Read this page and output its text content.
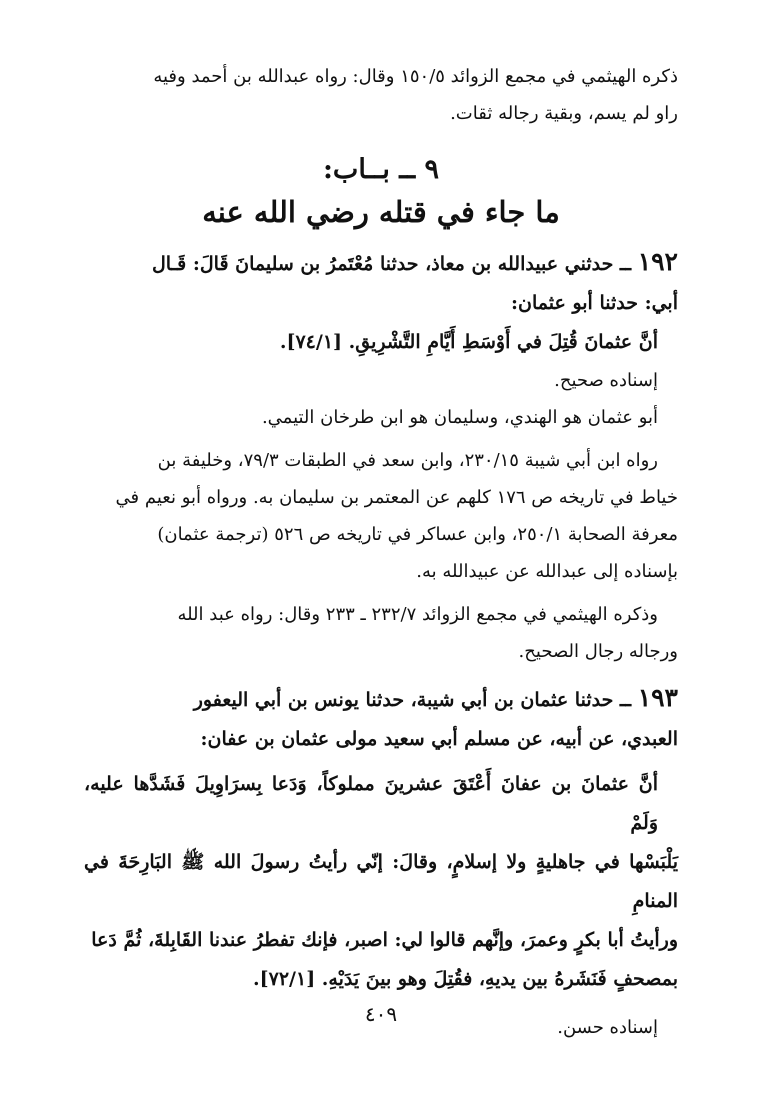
ذكره الهيثمي في مجمع الزوائد ١٥٠/٥ وقال: رواه عبدالله بن أحمد وفيه

راو لم يسم، وبقية رجاله ثقات.

٩ ــ بــاب:
ما جاء في قتله رضي الله عنه

١٩٢ ــ حدثني عبيدالله بن معاذ، حدثنا مُعْتَمرُ بن سليمانَ قَالَ: قَـال

أبي: حدثنا أبو عثمان:

أنَّ عثمانَ قُتِلَ في أَوْسَطِ أَيَّامِ التَّشْرِيقِ. [٧٤/١].

إسناده صحيح.

أبو عثمان هو الهندي، وسليمان هو ابن طرخان التيمي.

رواه ابن أبي شيبة ٢٣٠/١٥، وابن سعد في الطبقات ٧٩/٣، وخليفة بن

خياط في تاريخه ص ١٧٦ كلهم عن المعتمر بن سليمان به. ورواه أبو نعيم في

معرفة الصحابة ٢٥٠/١، وابن عساكر في تاريخه ص ٥٢٦ (ترجمة عثمان)

بإسناده إلى عبدالله عن عبيدالله به.

وذكره الهيثمي في مجمع الزوائد ٢٣٢/٧ ـ ٢٣٣ وقال: رواه عبد الله

ورجاله رجال الصحيح.

١٩٣ ــ حدثنا عثمان بن أبي شيبة، حدثنا يونس بن أبي اليعفور

العبدي، عن أبيه، عن مسلم أبي سعيد مولى عثمان بن عفان:

أنَّ عثمانَ بن عفانَ أَعْتَقَ عشرينَ مملوكاً، وَدَعا بِسرَاوِيلَ فَشَدَّها عليه، وَلَمْ

يَلْبَسْها في جاهليةٍ ولا إسلامٍ، وقالَ: إنّي رأيتُ رسولَ الله ﷺ البَارِحَةَ في المنامِ

ورأيتُ أبا بكرٍ وعمرَ، وإنَّهم قالوا لي: اصبر، فإنك تفطرُ عندنا القَابِلةَ، ثُمَّ دَعا

بمصحفٍ فَنَشَرهُ بين يديهِ، فقُتِلَ وهو بينَ يَدَيْهِ. [٧٢/١].

إسناده حسن.

٤٠٩
